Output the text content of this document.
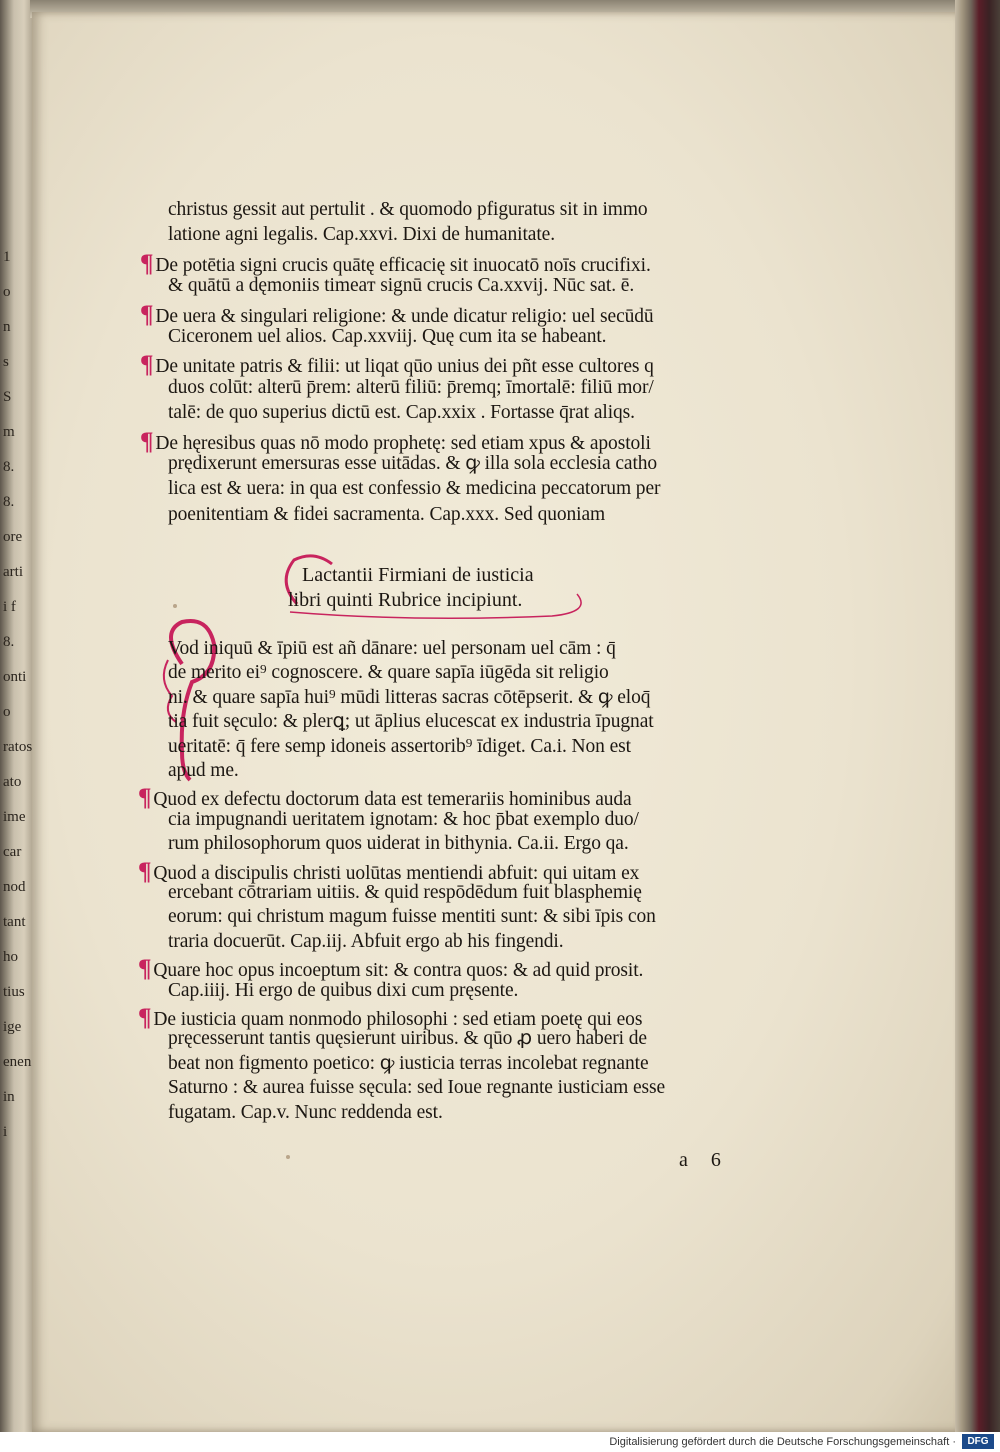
1
o
n
s
S
m
8.
8.
ore
arti
i f
8.
onti
o
ratos
ato
ime
car
nod
tant
ho
tius
ige
enen
in
i
christus gessit aut pertulit . & quomodo pfiguratus sit in immo
latione agni legalis. Cap.xxvi. Dixi de humanitate.
¶ De potētia signi crucis quātę efficacię sit inuocatō noīs crucifixi.
& quātū a dęmoniis timeaт signū crucis Ca.xxvij. Nūc sat. ē.
¶ De uera & singulari religione: & unde dicatur religio: uel secūdū
Ciceronem uel alios. Cap.xxviij. Quę cum ita se habeant.
¶ De unitate patris & filii: ut liqat qūo unius dei pñt esse cultores q
duos colūt: alterū p̄rem: alterū filiū: p̄remq; īmortalē: filiū mor/
talē: de quo superius dictū est. Cap.xxix . Fortasse q̄rat aliqs.
¶ De hęresibus quas nō modo prophetę: sed etiam xpus & apostoli
prędixerunt emersuras esse uitādas. & ꝙ illa sola ecclesia catho
lica est & uera: in qua est confessio & medicina peccatorum per
poenitentiam & fidei sacramenta. Cap.xxx. Sed quoniam
Lactantii Firmiani de iusticia
libri quinti Rubrice incipiunt.
Vod iniquū & īpiū est añ dānare: uel personam uel cām : q̄
de merito ei⁹ cognoscere. & quare sapīa iūgēda sit religio
ni. & quare sapīa hui⁹ mūdi litteras sacras cōtēpserit. & ꝙ eloq̄
tia fuit sęculo: & plerꝗ; ut āplius elucescat ex industria īpugnat
ueritatē: q̄ fere semp idoneis assertorib⁹ īdiget. Ca.i. Non est
apud me.
¶ Quod ex defectu doctorum data est temerariis hominibus auda
cia impugnandi ueritatem ignotam: & hoc p̄bat exemplo duo/
rum philosophorum quos uiderat in bithynia. Ca.ii. Ergo qa.
¶ Quod a discipulis christi uolūtas mentiendi abfuit: qui uitam ex
ercebant cōtrariam uitiis. & quid respōdēdum fuit blasphemię
eorum: qui christum magum fuisse mentiti sunt: & sibi īpis con
traria docuerūt. Cap.iij. Abfuit ergo ab his fingendi.
¶ Quare hoc opus incoeptum sit: & contra quos: & ad quid prosit.
Cap.iiij. Hi ergo de quibus dixi cum pręsente.
¶ De iusticia quam nonmodo philosophi : sed etiam poetę qui eos
pręcesserunt tantis quęsierunt uiribus. & qūo ꝓ uero haberi de
beat non figmento poetico: ꝙ iusticia terras incolebat regnante
Saturno : & aurea fuisse sęcula: sed Ioue regnante iusticiam esse
fugatam. Cap.v. Nunc reddenda est.
a 6
Digitalisierung gefördert durch die Deutsche Forschungsgemeinschaft ·	DFG
